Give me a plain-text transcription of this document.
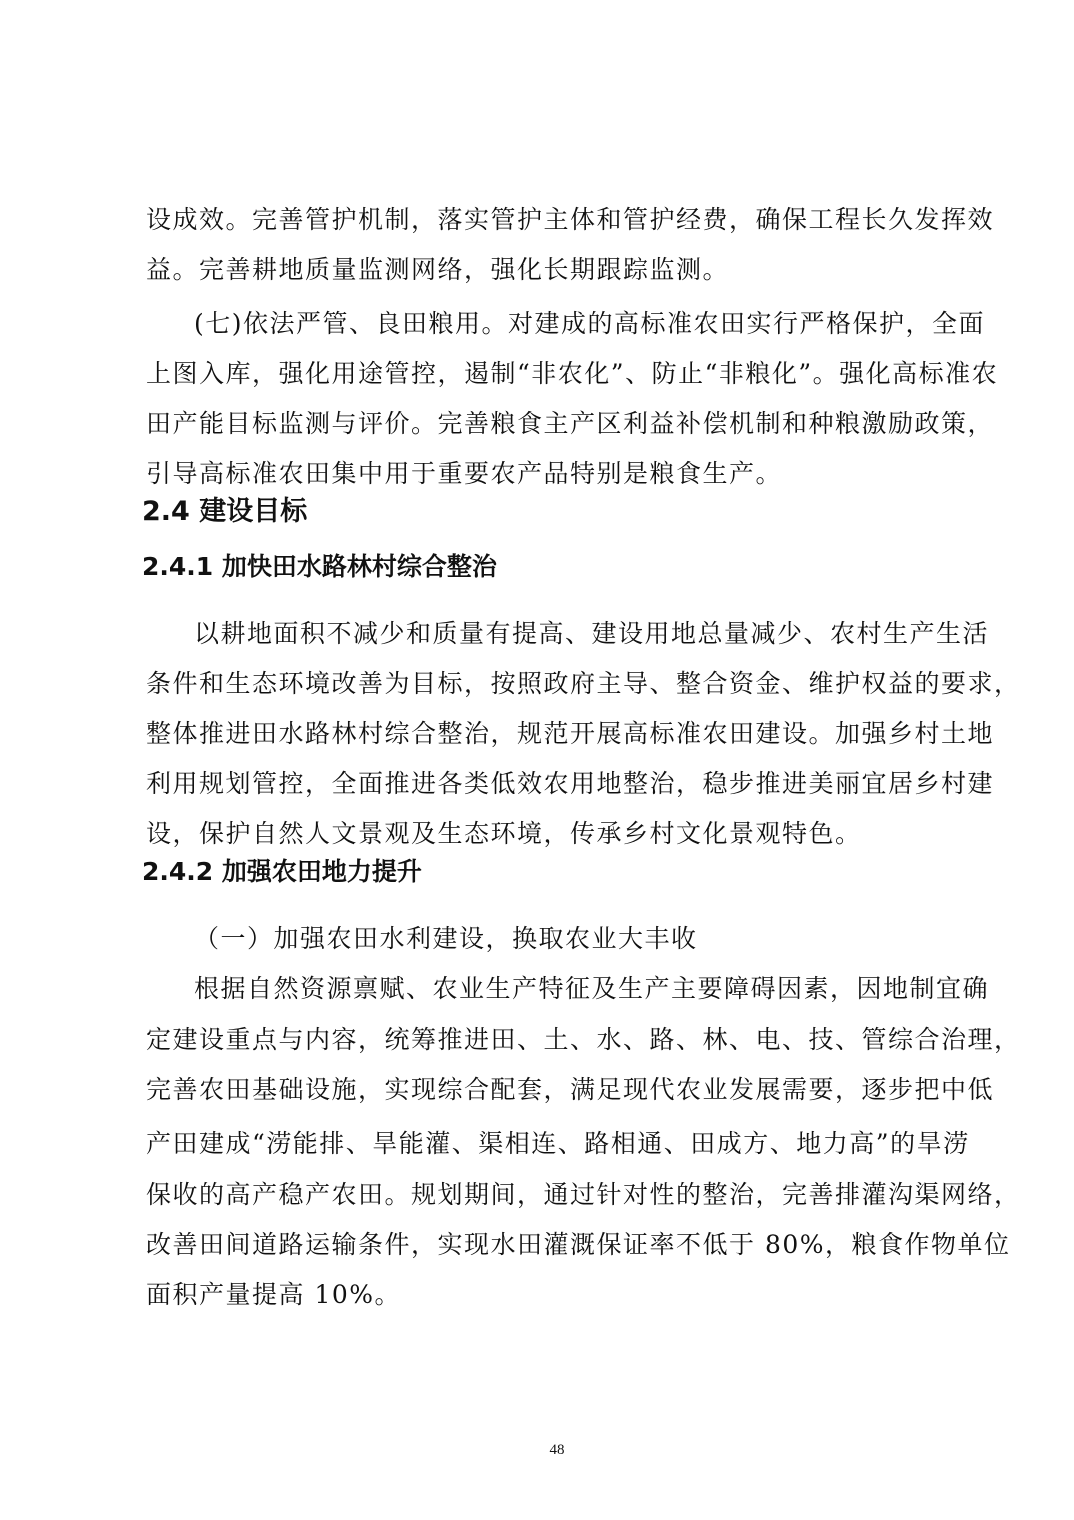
设成效。完善管护机制，落实管护主体和管护经费，确保工程长久发挥效
益。完善耕地质量监测网络，强化长期跟踪监测。
(七)依法严管、良田粮用。对建成的高标准农田实行严格保护，全面
上图入库，强化用途管控，遏制“非农化”、防止“非粮化”。强化高标准农
田产能目标监测与评价。完善粮食主产区利益补偿机制和种粮激励政策，
引导高标准农田集中用于重要农产品特别是粮食生产。
2.4 建设目标
2.4.1 加快田水路林村综合整治
以耕地面积不减少和质量有提高、建设用地总量减少、农村生产生活
条件和生态环境改善为目标，按照政府主导、整合资金、维护权益的要求，
整体推进田水路林村综合整治，规范开展高标准农田建设。加强乡村土地
利用规划管控，全面推进各类低效农用地整治，稳步推进美丽宜居乡村建
设，保护自然人文景观及生态环境，传承乡村文化景观特色。
2.4.2 加强农田地力提升
（一）加强农田水利建设，换取农业大丰收
根据自然资源禀赋、农业生产特征及生产主要障碍因素，因地制宜确
定建设重点与内容，统筹推进田、土、水、路、林、电、技、管综合治理，
完善农田基础设施，实现综合配套，满足现代农业发展需要，逐步把中低
产田建成“涝能排、旱能灌、渠相连、路相通、田成方、地力高”的旱涝
保收的高产稳产农田。规划期间，通过针对性的整治，完善排灌沟渠网络，
改善田间道路运输条件，实现水田灌溉保证率不低于 80%，粮食作物单位
面积产量提高 10%。
48
